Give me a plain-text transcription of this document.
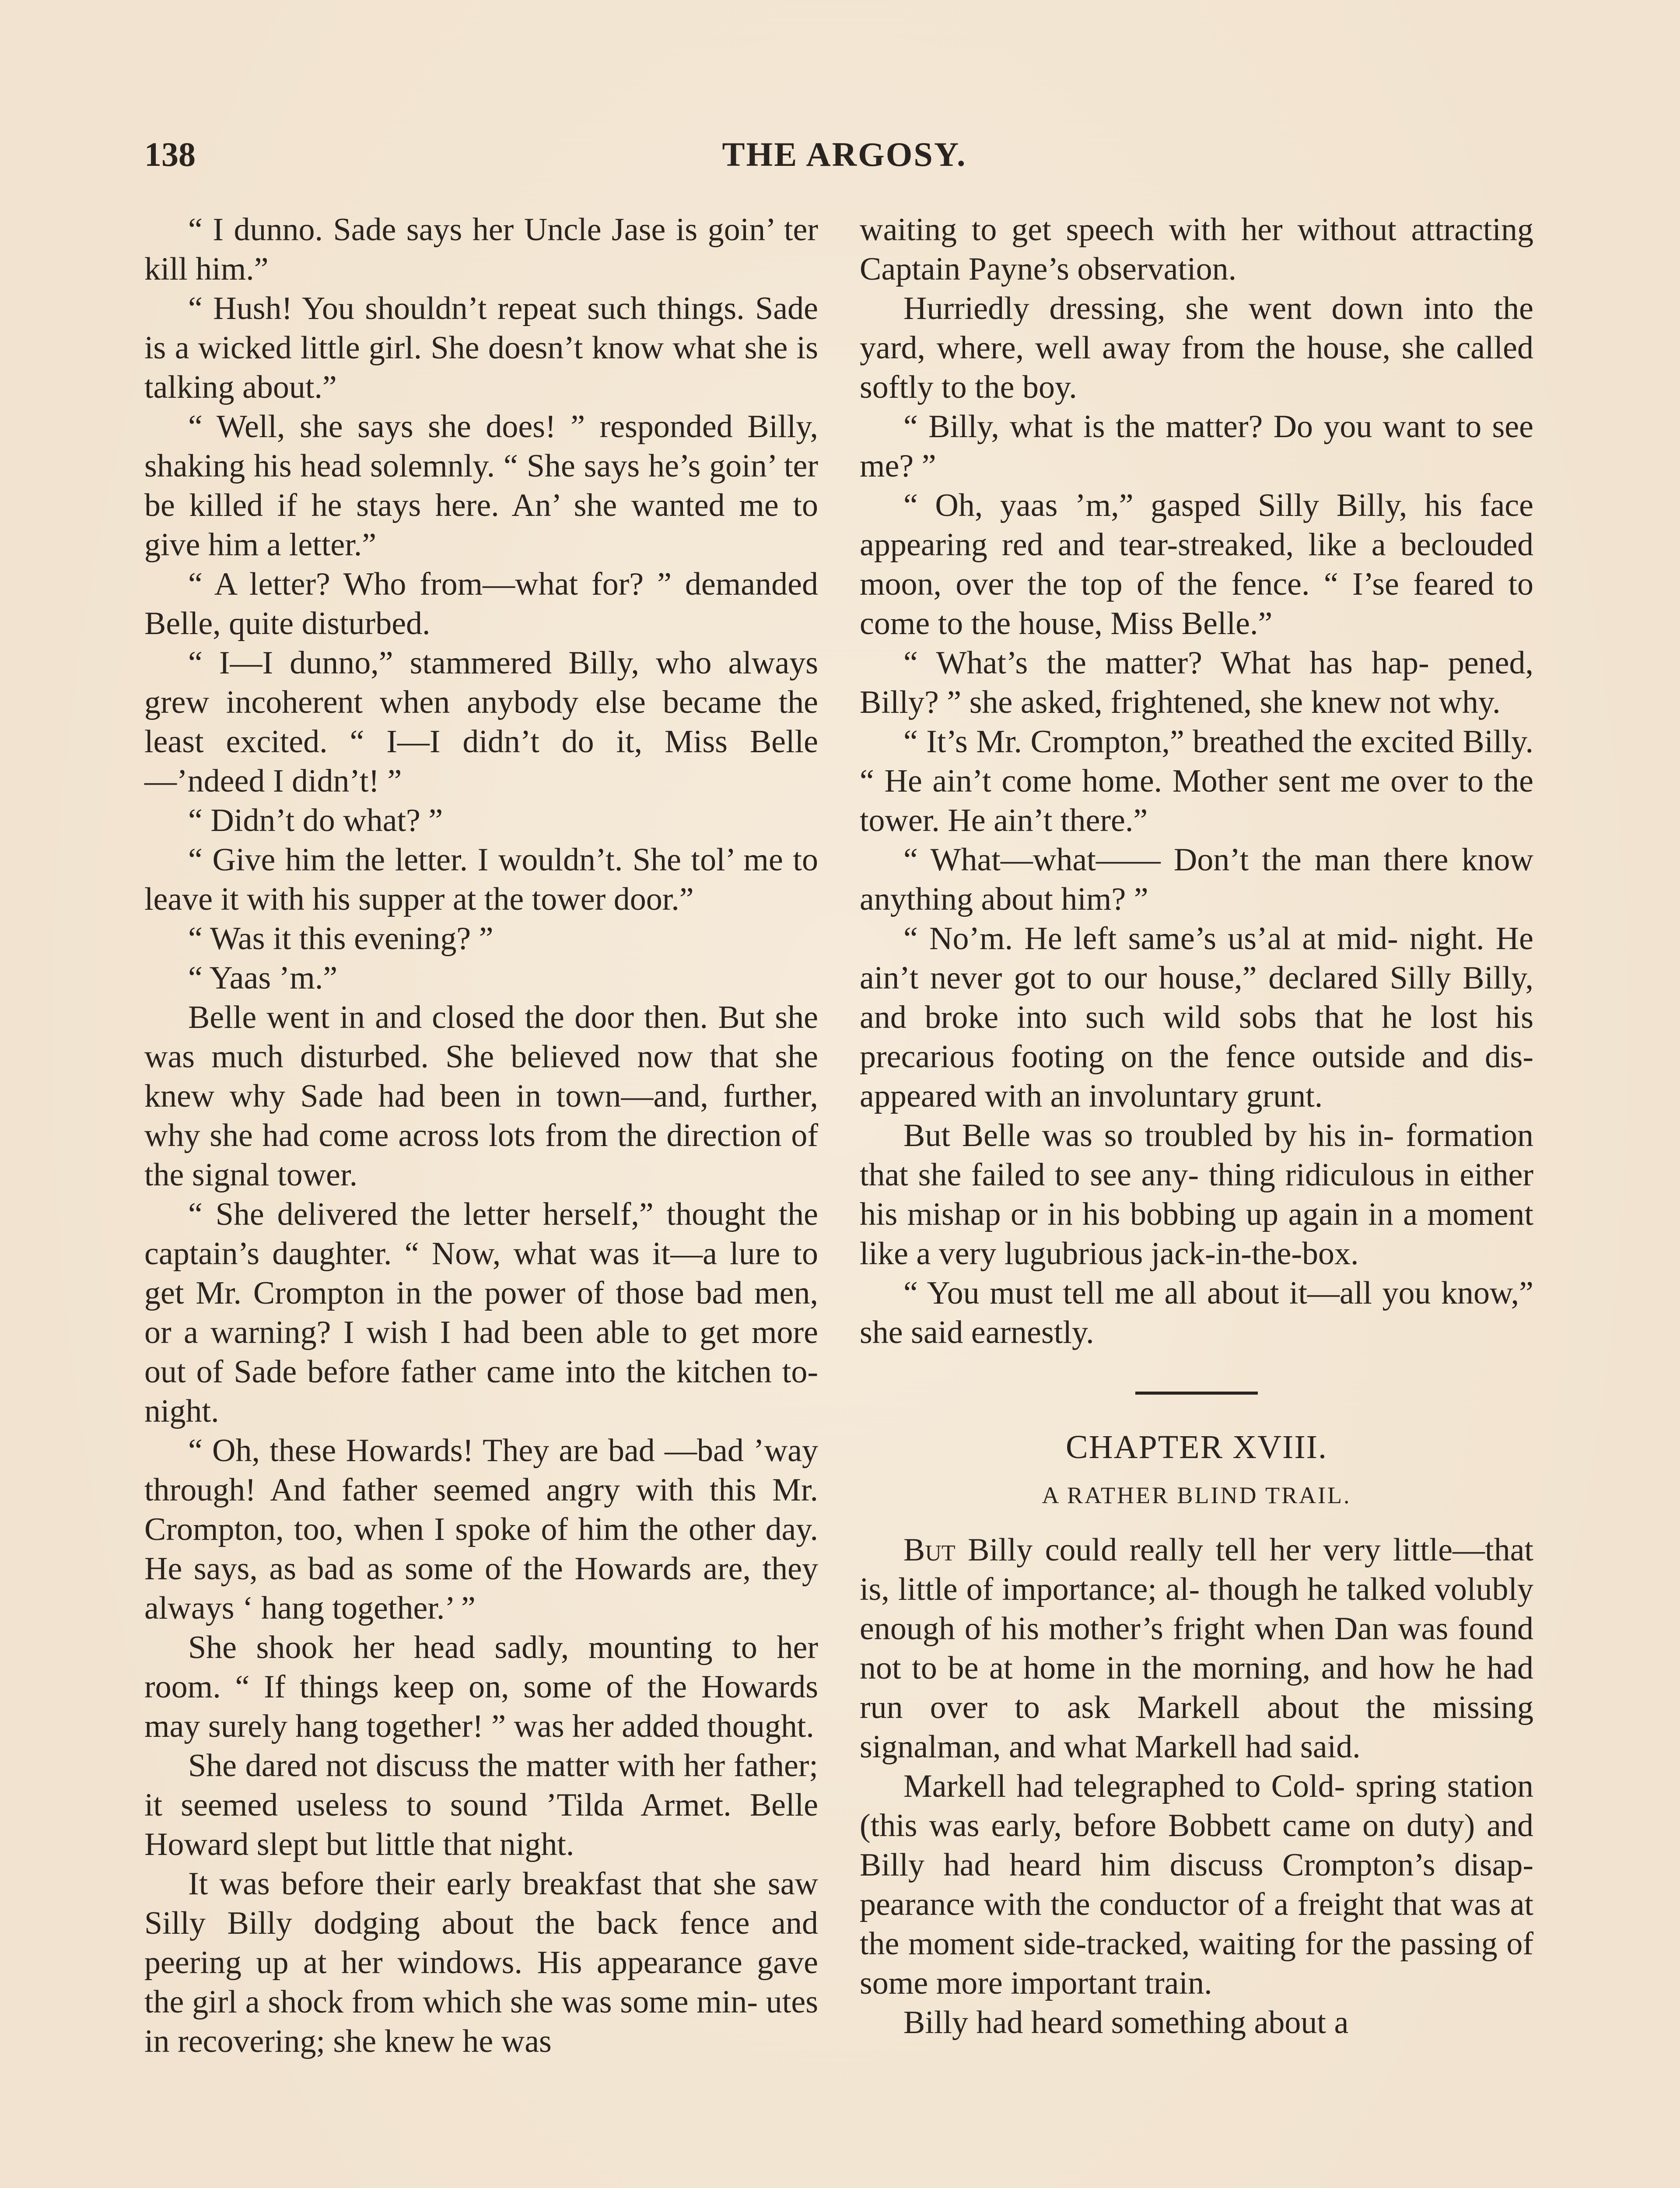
138	THE ARGOSY.

“ I dunno. Sade says her Uncle Jase is goin’ ter kill him.”

“ Hush! You shouldn’t repeat such things. Sade is a wicked little girl. She doesn’t know what she is talking about.”

“ Well, she says she does! ” responded Billy, shaking his head solemnly. “ She says he’s goin’ ter be killed if he stays here. An’ she wanted me to give him a letter.”

“ A letter? Who from—what for? ” demanded Belle, quite disturbed.

“ I—I dunno,” stammered Billy, who always grew incoherent when anybody else became the least excited. “ I—I didn’t do it, Miss Belle—’ndeed I didn’t! ”

“ Didn’t do what? ”

“ Give him the letter. I wouldn’t. She tol’ me to leave it with his supper at the tower door.”

“ Was it this evening? ”

“ Yaas ’m.”

Belle went in and closed the door then. But she was much disturbed. She believed now that she knew why Sade had been in town—and, further, why she had come across lots from the direction of the signal tower.

“ She delivered the letter herself,” thought the captain’s daughter. “ Now, what was it—a lure to get Mr. Crompton in the power of those bad men, or a warning? I wish I had been able to get more out of Sade before father came into the kitchen to-night.

“ Oh, these Howards! They are bad —bad ’way through! And father seemed angry with this Mr. Crompton, too, when I spoke of him the other day. He says, as bad as some of the Howards are, they always ‘ hang together.’ ”

She shook her head sadly, mounting to her room. “ If things keep on, some of the Howards may surely hang together! ” was her added thought.

She dared not discuss the matter with her father; it seemed useless to sound ’Tilda Armet. Belle Howard slept but little that night.

It was before their early breakfast that she saw Silly Billy dodging about the back fence and peering up at her windows. His appearance gave the girl a shock from which she was some min- utes in recovering; she knew he was

waiting to get speech with her without attracting Captain Payne’s observation.

Hurriedly dressing, she went down into the yard, where, well away from the house, she called softly to the boy.

“ Billy, what is the matter? Do you want to see me? ”

“ Oh, yaas ’m,” gasped Silly Billy, his face appearing red and tear-streaked, like a beclouded moon, over the top of the fence. “ I’se feared to come to the house, Miss Belle.”

“ What’s the matter? What has hap- pened, Billy? ” she asked, frightened, she knew not why.

“ It’s Mr. Crompton,” breathed the excited Billy. “ He ain’t come home. Mother sent me over to the tower. He ain’t there.”

“ What—what—— Don’t the man there know anything about him? ”

“ No’m. He left same’s us’al at mid- night. He ain’t never got to our house,” declared Silly Billy, and broke into such wild sobs that he lost his precarious footing on the fence outside and dis- appeared with an involuntary grunt.

But Belle was so troubled by his in- formation that she failed to see any- thing ridiculous in either his mishap or in his bobbing up again in a moment like a very lugubrious jack-in-the-box.

“ You must tell me all about it—all you know,” she said earnestly.

CHAPTER XVIII.

A RATHER BLIND TRAIL.

But Billy could really tell her very little—that is, little of importance; al- though he talked volubly enough of his mother’s fright when Dan was found not to be at home in the morning, and how he had run over to ask Markell about the missing signalman, and what Markell had said.

Markell had telegraphed to Cold- spring station (this was early, before Bobbett came on duty) and Billy had heard him discuss Crompton’s disap- pearance with the conductor of a freight that was at the moment side-tracked, waiting for the passing of some more important train.

Billy had heard something about a
